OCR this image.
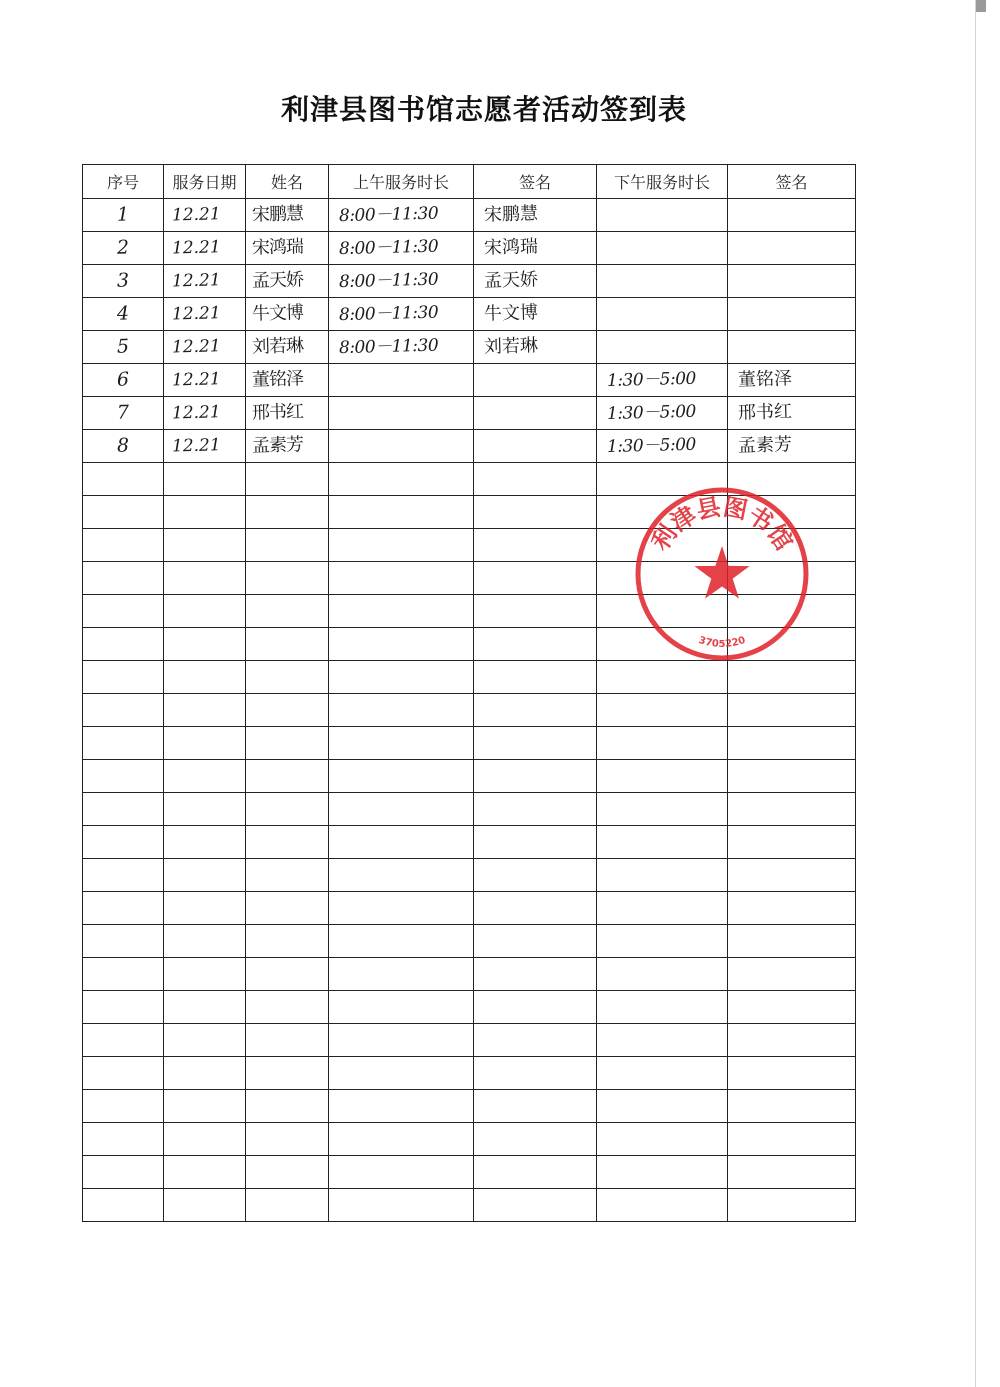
利津县图书馆志愿者活动签到表
序号	服务日期	姓名	上午服务时长	签名	下午服务时长	签名
1	12.21	宋鹏慧	8:00－11:30	宋鹏慧		
2	12.21	宋鸿瑞	8:00－11:30	宋鸿瑞		
3	12.21	孟天娇	8:00－11:30	孟天娇		
4	12.21	牛文博	8:00－11:30	牛文博		
5	12.21	刘若琳	8:00－11:30	刘若琳		
6	12.21	董铭泽			1:30－5:00	董铭泽
7	12.21	邢书红			1:30－5:00	邢书红
8	12.21	孟素芳			1:30－5:00	孟素芳

利津县图书馆
3705220
